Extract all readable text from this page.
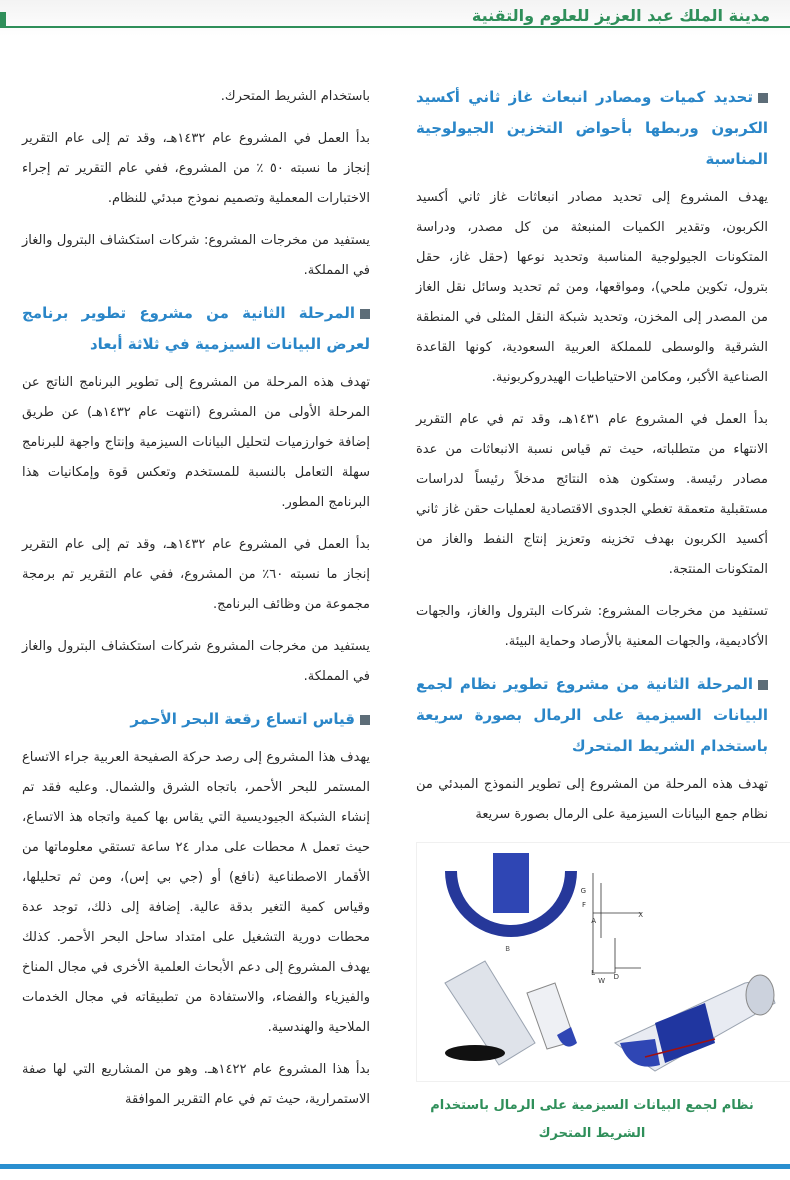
مدينة الملك عبد العزيز للعلوم والتقنية
تحديد كميات ومصادر انبعاث غاز ثاني أكسيد الكربون وربطها بأحواض التخزين الجيولوجية المناسبة

يهدف المشروع إلى تحديد مصادر انبعاثات غاز ثاني أكسيد الكربون، وتقدير الكميات المنبعثة من كل مصدر، ودراسة المتكونات الجيولوجية المناسبة وتحديد نوعها (حقل غاز، حقل بترول، تكوين ملحي)، ومواقعها، ومن ثم تحديد وسائل نقل الغاز من المصدر إلى المخزن، وتحديد شبكة النقل المثلى في المنطقة الشرقية والوسطى للمملكة العربية السعودية، كونها القاعدة الصناعية الأكبر، ومكامن الاحتياطيات الهيدروكربونية.

بدأ العمل في المشروع عام ١٤٣١هـ، وقد تم في عام التقرير الانتهاء من متطلباته، حيث تم قياس نسبة الانبعاثات من عدة مصادر رئيسة. وستكون هذه النتائج مدخلاً رئيساً لدراسات مستقبلية متعمقة تغطي الجدوى الاقتصادية لعمليات حقن غاز ثاني أكسيد الكربون بهدف تخزينه وتعزيز إنتاج النفط والغاز من المتكونات المنتجة.

تستفيد من مخرجات المشروع: شركات البترول والغاز، والجهات الأكاديمية، والجهات المعنية بالأرصاد وحماية البيئة.

المرحلة الثانية من مشروع تطوير نظام لجمع البيانات السيزمية على الرمال بصورة سريعة باستخدام الشريط المتحرك

تهدف هذه المرحلة من المشروع إلى تطوير النموذج المبدئي من نظام جمع البيانات السيزمية على الرمال بصورة سريعة

B
G
F
A
X
W
L	D
نظام لجمع البيانات السيزمية على الرمال باستخدام الشريط المتحرك

باستخدام الشريط المتحرك.

بدأ العمل في المشروع عام ١٤٣٢هـ، وقد تم إلى عام التقرير إنجاز ما نسبته ٥٠ ٪ من المشروع، ففي عام التقرير تم إجراء الاختبارات المعملية وتصميم نموذج مبدئي للنظام.

يستفيد من مخرجات المشروع: شركات استكشاف البترول والغاز في المملكة.

المرحلة الثانية من مشروع تطوير برنامج لعرض البيانات السيزمية في ثلاثة أبعاد

تهدف هذه المرحلة من المشروع إلى تطوير البرنامج الناتج عن المرحلة الأولى من المشروع (انتهت عام ١٤٣٢هـ) عن طريق إضافة خوارزميات لتحليل البيانات السيزمية وإنتاج واجهة للبرنامج سهلة التعامل بالنسبة للمستخدم وتعكس قوة وإمكانيات هذا البرنامج المطور.

بدأ العمل في المشروع عام ١٤٣٢هـ، وقد تم إلى عام التقرير إنجاز ما نسبته ٦٠٪ من المشروع، ففي عام التقرير تم برمجة مجموعة من وظائف البرنامج.

يستفيد من مخرجات المشروع شركات استكشاف البترول والغاز في المملكة.

قياس اتساع رقعة البحر الأحمر

يهدف هذا المشروع إلى رصد حركة الصفيحة العربية جراء الاتساع المستمر للبحر الأحمر، باتجاه الشرق والشمال. وعليه فقد تم إنشاء الشبكة الجيوديسية التي يقاس بها كمية واتجاه هذ الاتساع، حيث تعمل ٨ محطات على مدار ٢٤ ساعة تستقي معلوماتها من الأقمار الاصطناعية (نافع) أو (جي بي إس)، ومن ثم تحليلها، وقياس كمية التغير بدقة عالية. إضافة إلى ذلك، توجد عدة محطات دورية التشغيل على امتداد ساحل البحر الأحمر. كذلك يهدف المشروع إلى دعم الأبحاث العلمية الأخرى في مجال المناخ والفيزياء والفضاء، والاستفادة من تطبيقاته في مجال الخدمات الملاحية والهندسية.

بدأ هذا المشروع عام ١٤٢٢هـ. وهو من المشاريع التي لها صفة الاستمرارية، حيث تم في عام التقرير الموافقة
